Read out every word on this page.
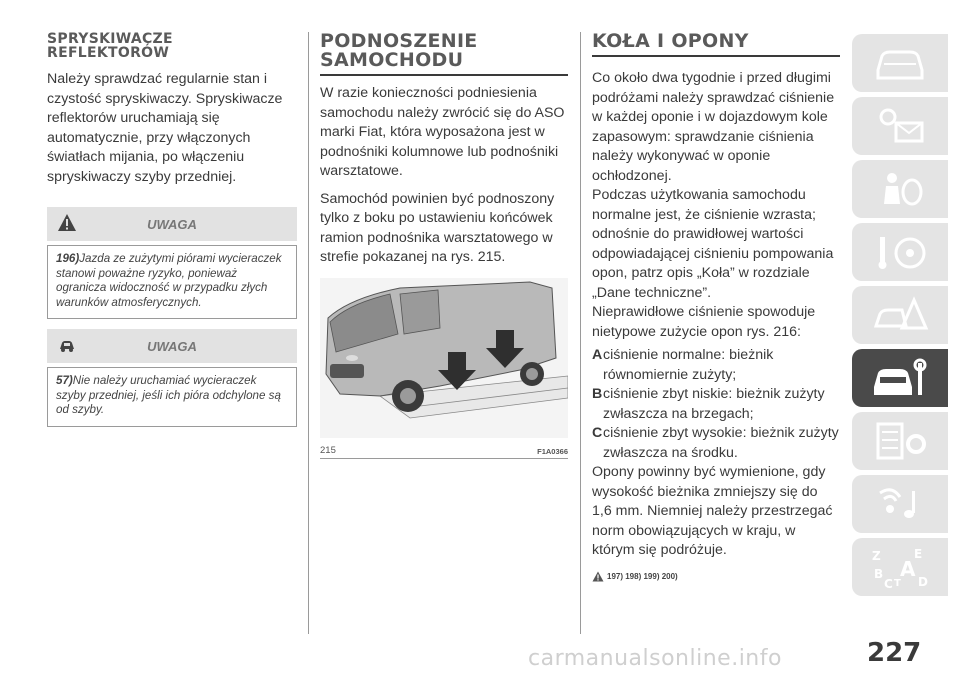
SPRYSKIWACZE REFLEKTORÓW

Należy sprawdzać regularnie stan i czystość spryskiwaczy. Spryskiwacze reflektorów uruchamiają się automatycznie, przy włączonych światłach mijania, po włączeniu spryskiwaczy szyby przedniej.

UWAGA

196)Jazda ze zużytymi piórami wycieraczek stanowi poważne ryzyko, ponieważ ogranicza widoczność w przypadku złych warunków atmosferycznych.

UWAGA

57)Nie należy uruchamiać wycieraczek szyby przedniej, jeśli ich pióra odchylone są od szyby.

PODNOSZENIE
SAMOCHODU

W razie konieczności podniesienia samochodu należy zwrócić się do ASO marki Fiat, która wyposażona jest w podnośniki kolumnowe lub podnośniki warsztatowe.

Samochód powinien być podnoszony tylko z boku po ustawieniu końcówek ramion podnośnika warsztatowego w strefie pokazanej na rys. 215.

215	F1A0366
KOŁA I OPONY

Co około dwa tygodnie i przed długimi podróżami należy sprawdzać ciśnienie w każdej oponie i w dojazdowym kole zapasowym: sprawdzanie ciśnienia należy wykonywać w oponie ochłodzonej.

Podczas użytkowania samochodu normalne jest, że ciśnienie wzrasta; odnośnie do prawidłowej wartości odpowiadającej ciśnieniu pompowania opon, patrz opis „Koła” w rozdziale „Dane techniczne”.

Nieprawidłowe ciśnienie spowoduje nietypowe zużycie opon rys. 216:

A ciśnienie normalne: bieżnik równomiernie zużyty;
B ciśnienie zbyt niskie: bieżnik zużyty zwłaszcza na brzegach;
C ciśnienie zbyt wysokie: bieżnik zużyty zwłaszcza na środku.

Opony powinny być wymienione, gdy wysokość bieżnika zmniejszy się do 1,6 mm. Niemniej należy przestrzegać norm obowiązujących w kraju, w którym się podróżuje.

197) 198) 199) 200)
Z	E
B A
C T D
carmanualsonline.info	227
